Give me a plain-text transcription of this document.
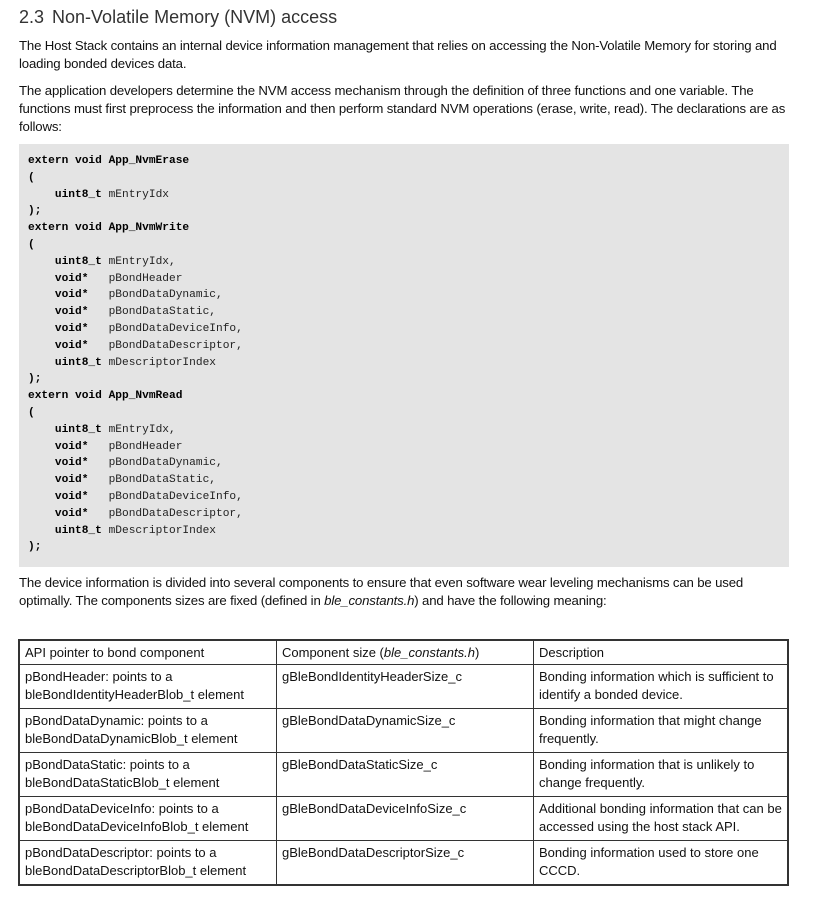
2.3 Non-Volatile Memory (NVM) access
The Host Stack contains an internal device information management that relies on accessing the Non-Volatile Memory for storing and loading bonded devices data.
The application developers determine the NVM access mechanism through the definition of three functions and one variable. The functions must first preprocess the information and then perform standard NVM operations (erase, write, read). The declarations are as follows:
extern void App_NvmErase
(
uint8_t mEntryIdx
);
extern void App_NvmWrite
(
uint8_t mEntryIdx,
void*   pBondHeader
void*   pBondDataDynamic,
void*   pBondDataStatic,
void*   pBondDataDeviceInfo,
void*   pBondDataDescriptor,
uint8_t mDescriptorIndex
);
extern void App_NvmRead
(
uint8_t mEntryIdx,
void*   pBondHeader
void*   pBondDataDynamic,
void*   pBondDataStatic,
void*   pBondDataDeviceInfo,
void*   pBondDataDescriptor,
uint8_t mDescriptorIndex
);
The device information is divided into several components to ensure that even software wear leveling mechanisms can be used optimally. The components sizes are fixed (defined in ble_constants.h) and have the following meaning:
API pointer to bond component	Component size (ble_constants.h)	Description
pBondHeader: points to a
bleBondIdentityHeaderBlob_t element	gBleBondIdentityHeaderSize_c	Bonding information which is sufficient to identify a bonded device.
pBondDataDynamic: points to a
bleBondDataDynamicBlob_t element	gBleBondDataDynamicSize_c	Bonding information that might change frequently.
pBondDataStatic: points to a
bleBondDataStaticBlob_t element	gBleBondDataStaticSize_c	Bonding information that is unlikely to change frequently.
pBondDataDeviceInfo: points to a
bleBondDataDeviceInfoBlob_t element	gBleBondDataDeviceInfoSize_c	Additional bonding information that can be accessed using the host stack API.
pBondDataDescriptor: points to a
bleBondDataDescriptorBlob_t element	gBleBondDataDescriptorSize_c	Bonding information used to store one CCCD.
